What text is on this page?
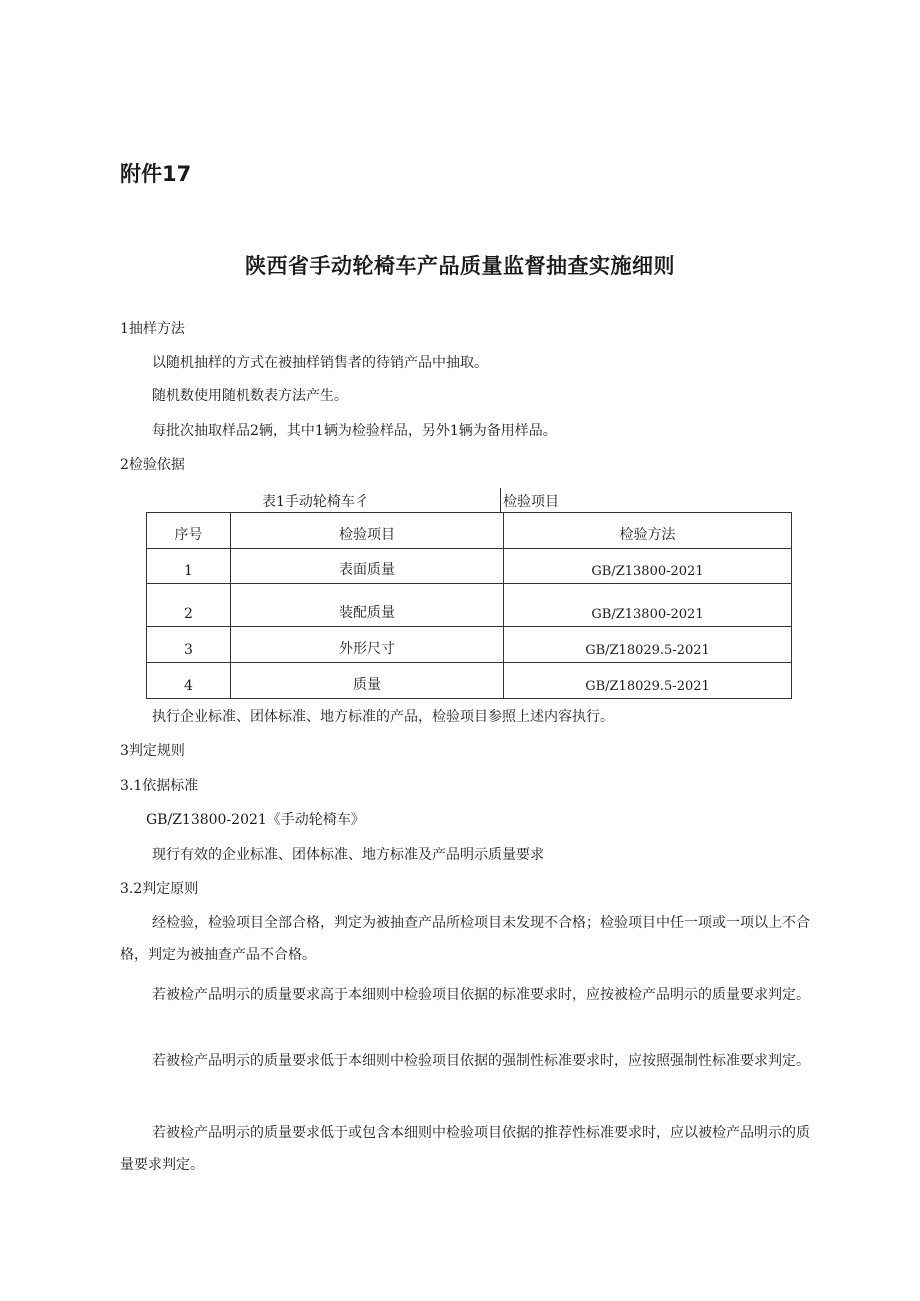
附件17
陕西省手动轮椅车产品质量监督抽查实施细则
1抽样方法
以随机抽样的方式在被抽样销售者的待销产品中抽取。
随机数使用随机数表方法产生。
每批次抽取样品2辆，其中1辆为检验样品，另外1辆为备用样品。
2检验依据
表1手动轮椅车彳	检验项目
序号	检验项目	检验方法
1	表面质量	GB/Z13800-2021
2	装配质量	GB/Z13800-2021
3	外形尺寸	GB/Z18029.5-2021
4	质量	GB/Z18029.5-2021
执行企业标准、团体标准、地方标准的产品，检验项目参照上述内容执行。
3判定规则
3.1依据标准
GB/Z13800-2021《手动轮椅车》
现行有效的企业标准、团体标准、地方标准及产品明示质量要求
3.2判定原则
经检验，检验项目全部合格，判定为被抽查产品所检项目未发现不合格；检验项目中任一项或一项以上不合格，判定为被抽查产品不合格。
若被检产品明示的质量要求高于本细则中检验项目依据的标准要求时，应按被检产品明示的质量要求判定。
若被检产品明示的质量要求低于本细则中检验项目依据的强制性标准要求时，应按照强制性标准要求判定。
若被检产品明示的质量要求低于或包含本细则中检验项目依据的推荐性标准要求时，应以被检产品明示的质量要求判定。
